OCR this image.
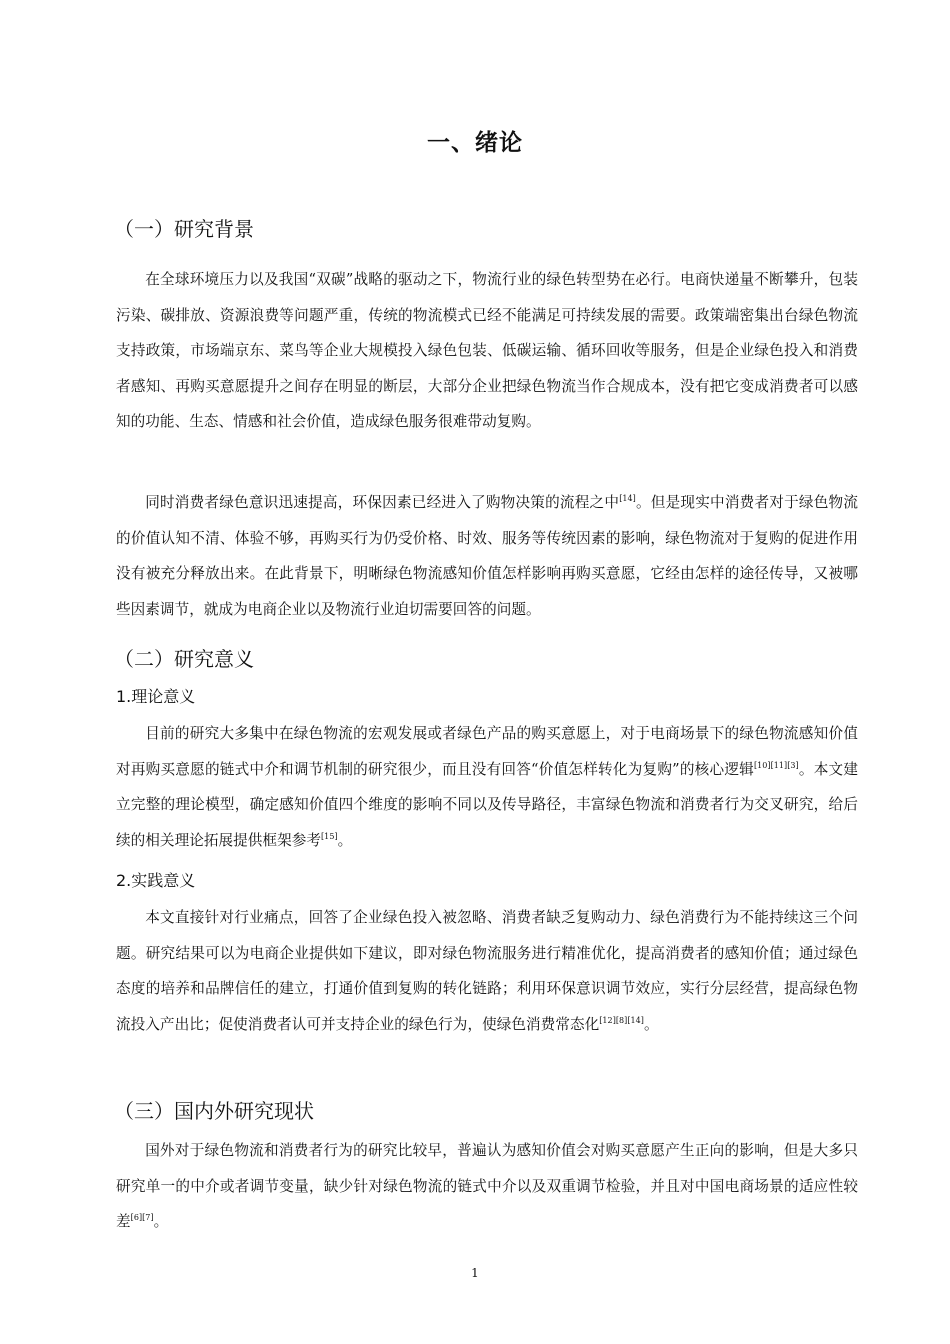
一、绪论
（一）研究背景

在全球环境压力以及我国“双碳”战略的驱动之下，物流行业的绿色转型势在必行。电商快递量不断攀升，包装污染、碳排放、资源浪费等问题严重，传统的物流模式已经不能满足可持续发展的需要。政策端密集出台绿色物流支持政策，市场端京东、菜鸟等企业大规模投入绿色包装、低碳运输、循环回收等服务，但是企业绿色投入和消费者感知、再购买意愿提升之间存在明显的断层，大部分企业把绿色物流当作合规成本，没有把它变成消费者可以感知的功能、生态、情感和社会价值，造成绿色服务很难带动复购。

同时消费者绿色意识迅速提高，环保因素已经进入了购物决策的流程之中[14]。但是现实中消费者对于绿色物流的价值认知不清、体验不够，再购买行为仍受价格、时效、服务等传统因素的影响，绿色物流对于复购的促进作用没有被充分释放出来。在此背景下，明晰绿色物流感知价值怎样影响再购买意愿，它经由怎样的途径传导，又被哪些因素调节，就成为电商企业以及物流行业迫切需要回答的问题。

（二）研究意义
1.理论意义

目前的研究大多集中在绿色物流的宏观发展或者绿色产品的购买意愿上，对于电商场景下的绿色物流感知价值对再购买意愿的链式中介和调节机制的研究很少，而且没有回答“价值怎样转化为复购”的核心逻辑[10][11][3]。本文建立完整的理论模型，确定感知价值四个维度的影响不同以及传导路径，丰富绿色物流和消费者行为交叉研究，给后续的相关理论拓展提供框架参考[15]。

2.实践意义

本文直接针对行业痛点，回答了企业绿色投入被忽略、消费者缺乏复购动力、绿色消费行为不能持续这三个问题。研究结果可以为电商企业提供如下建议，即对绿色物流服务进行精准优化，提高消费者的感知价值；通过绿色态度的培养和品牌信任的建立，打通价值到复购的转化链路；利用环保意识调节效应，实行分层经营，提高绿色物流投入产出比；促使消费者认可并支持企业的绿色行为，使绿色消费常态化[12][8][14]。

（三）国内外研究现状

国外对于绿色物流和消费者行为的研究比较早，普遍认为感知价值会对购买意愿产生正向的影响，但是大多只研究单一的中介或者调节变量，缺少针对绿色物流的链式中介以及双重调节检验，并且对中国电商场景的适应性较差[6][7]。

1
